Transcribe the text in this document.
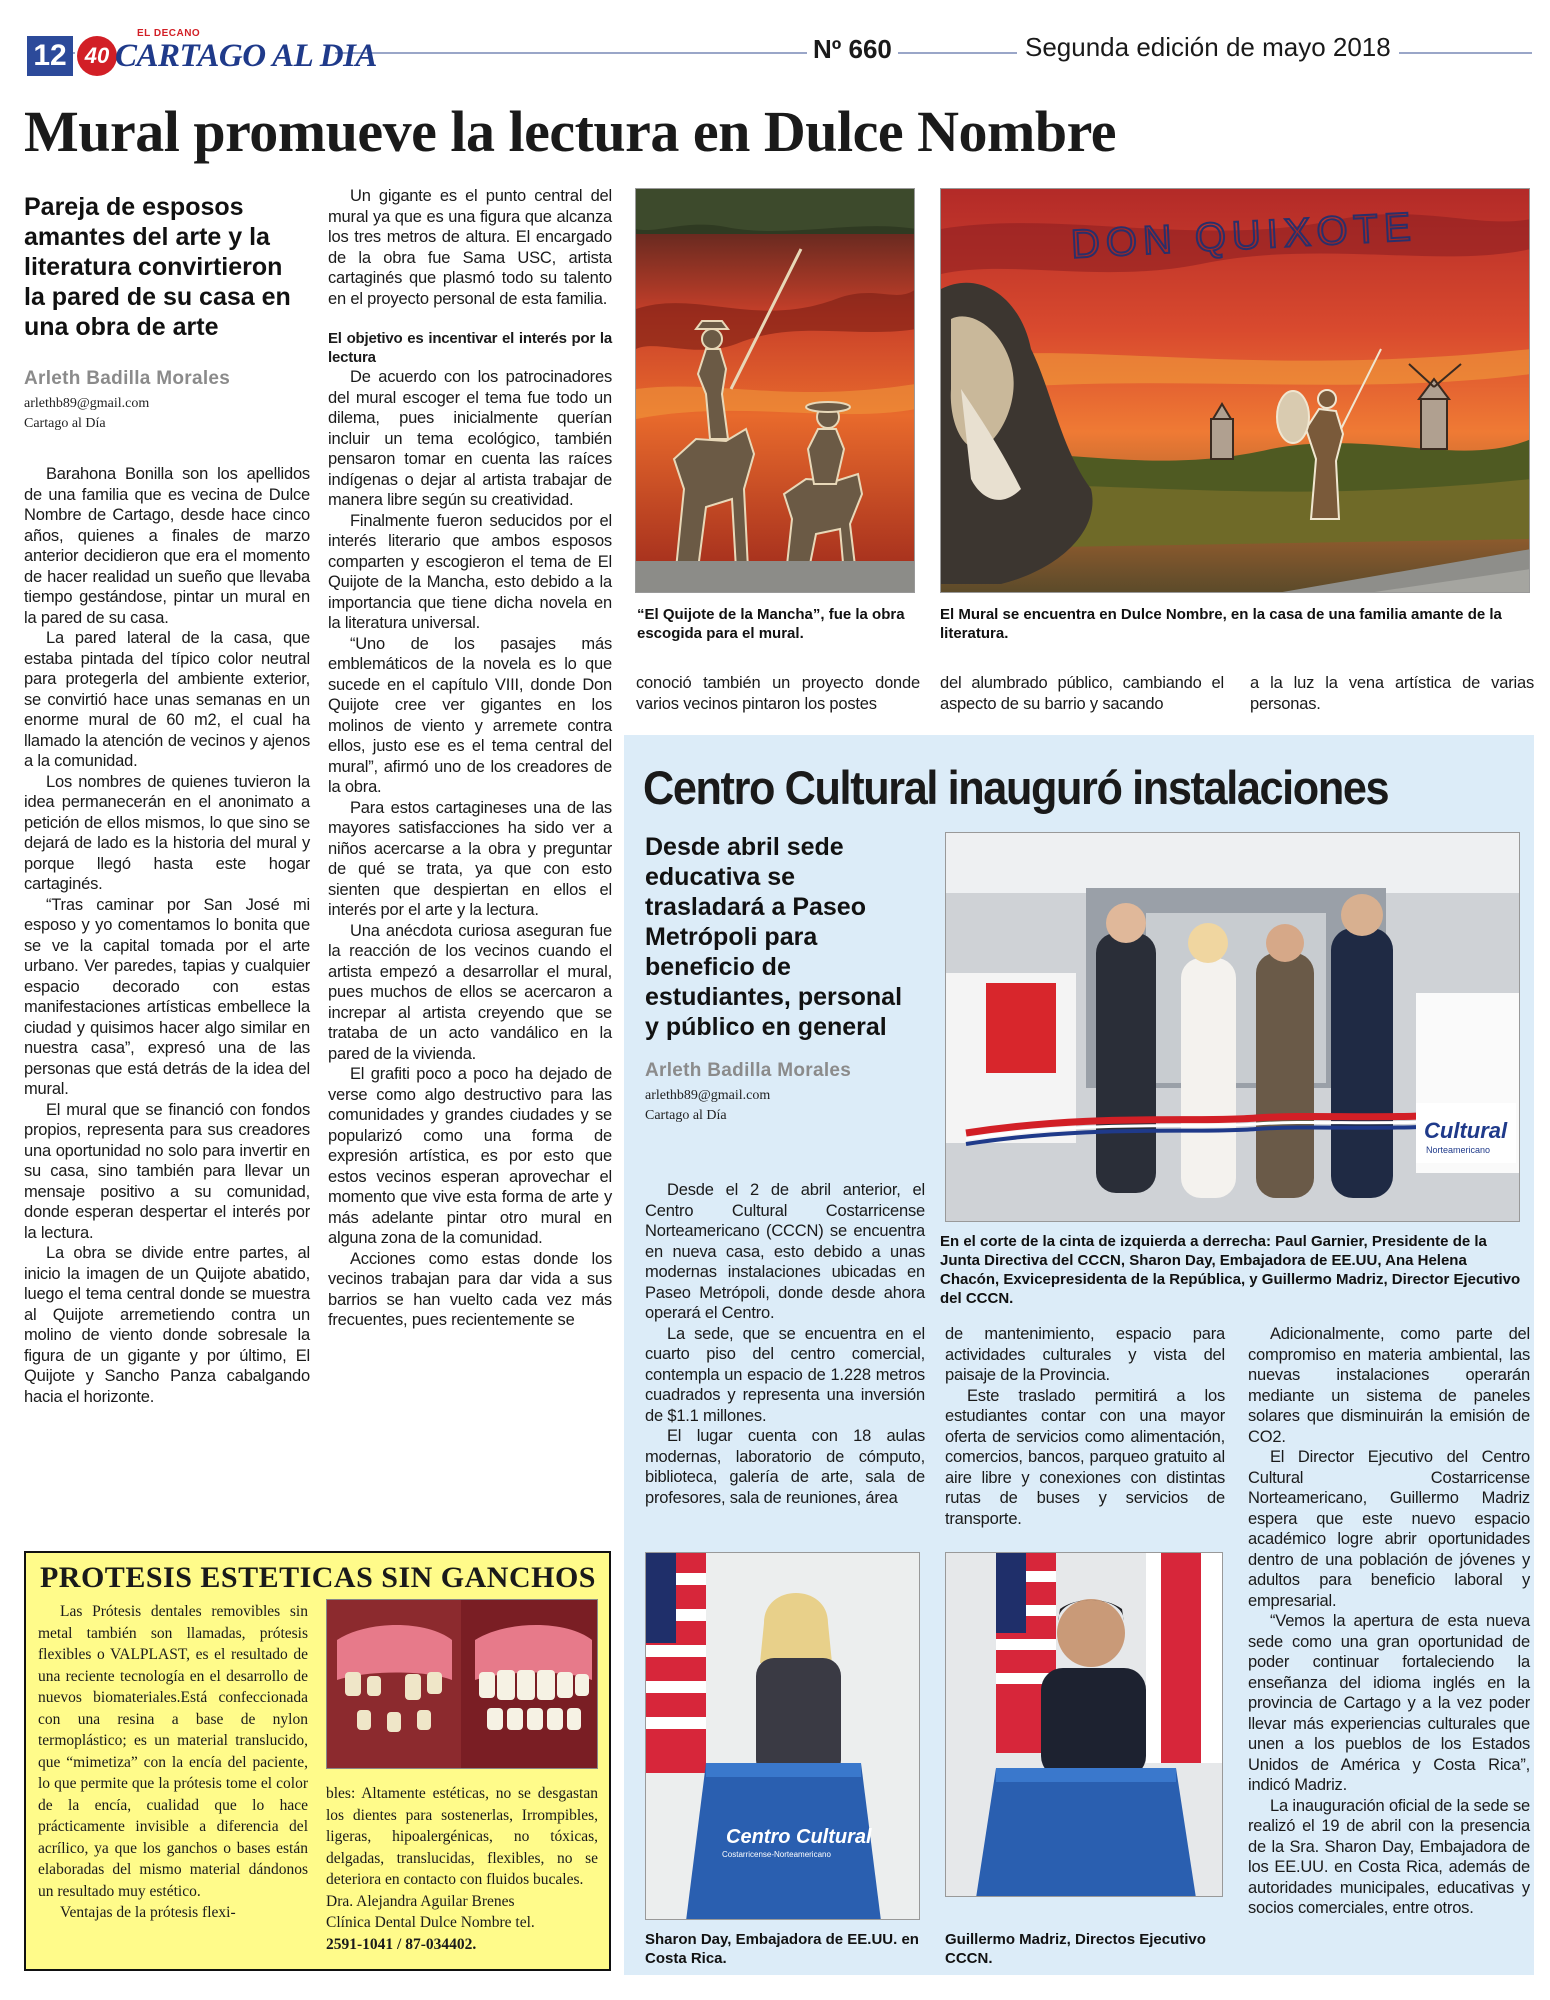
12
EL DECANO
40 CARTAGO AL DIA	Nº 660	Segunda edición de mayo 2018
Mural promueve la lectura en Dulce Nombre
Pareja de esposos amantes del arte y la literatura convirtieron la pared de su casa en una obra de arte
Arleth Badilla Morales
arlethb89@gmail.com
Cartago al Día

Barahona Bonilla son los apellidos de una familia que es vecina de Dulce Nombre de Cartago, desde hace cinco años, quienes a finales de marzo anterior decidieron que era el momento de hacer realidad un sueño que llevaba tiempo gestándose, pintar un mural en la pared de su casa.

La pared lateral de la casa, que estaba pintada del típico color neutral para protegerla del ambiente exterior, se convirtió hace unas semanas en un enorme mural de 60 m2, el cual ha llamado la atención de vecinos y ajenos a la comunidad.

Los nombres de quienes tuvieron la idea permanecerán en el anonimato a petición de ellos mismos, lo que sino se dejará de lado es la historia del mural y porque llegó hasta este hogar cartaginés.

“Tras caminar por San José mi esposo y yo comentamos lo bonita que se ve la capital tomada por el arte urbano. Ver paredes, tapias y cualquier espacio decorado con estas manifestaciones artísticas embellece la ciudad y quisimos hacer algo similar en nuestra casa”, expresó una de las personas que está detrás de la idea del mural.

El mural que se financió con fondos propios, representa para sus creadores una oportunidad no solo para invertir en su casa, sino también para llevar un mensaje positivo a su comunidad, donde esperan despertar el interés por la lectura.

La obra se divide entre partes, al inicio la imagen de un Quijote abatido, luego el tema central donde se muestra al Quijote arremetiendo contra un molino de viento donde sobresale la figura de un gigante y por último, El Quijote y Sancho Panza cabalgando hacia el horizonte.

Un gigante es el punto central del mural ya que es una figura que alcanza los tres metros de altura. El encargado de la obra fue Sama USC, artista cartaginés que plasmó todo su talento en el proyecto personal de esta familia.

El objetivo es incentivar el interés por la lectura

De acuerdo con los patrocinadores del mural escoger el tema fue todo un dilema, pues inicialmente querían incluir un tema ecológico, también pensaron tomar en cuenta las raíces indígenas o dejar al artista trabajar de manera libre según su creatividad.

Finalmente fueron seducidos por el interés literario que ambos esposos comparten y escogieron el tema de El Quijote de la Mancha, esto debido a la importancia que tiene dicha novela en la literatura universal.

“Uno de los pasajes más emblemáticos de la novela es lo que sucede en el capítulo VIII, donde Don Quijote cree ver gigantes en los molinos de viento y arremete contra ellos, justo ese es el tema central del mural”, afirmó uno de los creadores de la obra.

Para estos cartagineses una de las mayores satisfacciones ha sido ver a niños acercarse a la obra y preguntar de qué se trata, ya que con esto sienten que despiertan en ellos el interés por el arte y la lectura.

Una anécdota curiosa aseguran fue la reacción de los vecinos cuando el artista empezó a desarrollar el mural, pues muchos de ellos se acercaron a increpar al artista creyendo que se trataba de un acto vandálico en la pared de la vivienda.

El grafiti poco a poco ha dejado de verse como algo destructivo para las comunidades y grandes ciudades y se popularizó como una forma de expresión artística, es por esto que estos vecinos esperan aprovechar el momento que vive esta forma de arte y más adelante pintar otro mural en alguna zona de la comunidad.

Acciones como estas donde los vecinos trabajan para dar vida a sus barrios se han vuelto cada vez más frecuentes, pues recientemente se

DON QUIXOTE
“El Quijote de la Mancha”, fue la obra escogida para el mural.
El Mural se encuentra en Dulce Nombre, en la casa de una familia amante de la literatura.

conoció también un proyecto donde varios vecinos pintaron los postes

del alumbrado público, cambiando el aspecto de su barrio y sacando

a la luz la vena artística de varias personas.

Centro Cultural inauguró instalaciones
Desde abril sede educativa se trasladará a Paseo Metrópoli para beneficio de estudiantes, personal y público en general
Arleth Badilla Morales
arlethb89@gmail.com
Cartago al Día
Cultural
Norteamericano
En el corte de la cinta de izquierda a derrecha: Paul Garnier, Presidente de la Junta Directiva del CCCN, Sharon Day, Embajadora de EE.UU, Ana Helena Chacón, Exvicepresidenta de la República, y Guillermo Madriz, Director Ejecutivo del CCCN.

Desde el 2 de abril anterior, el Centro Cultural Costarricense Norteamericano (CCCN) se encuentra en nueva casa, esto debido a unas modernas instalaciones ubicadas en Paseo Metrópoli, donde desde ahora operará el Centro.

La sede, que se encuentra en el cuarto piso del centro comercial, contempla un espacio de 1.228 metros cuadrados y representa una inversión de $1.1 millones.

El lugar cuenta con 18 aulas modernas, laboratorio de cómputo, biblioteca, galería de arte, sala de profesores, sala de reuniones, área

de mantenimiento, espacio para actividades culturales y vista del paisaje de la Provincia.

Este traslado permitirá a los estudiantes contar con una mayor oferta de servicios como alimentación, comercios, bancos, parqueo gratuito al aire libre y conexiones con distintas rutas de buses y servicios de transporte.

Adicionalmente, como parte del compromiso en materia ambiental, las nuevas instalaciones operarán mediante un sistema de paneles solares que disminuirán la emisión de CO2.

El Director Ejecutivo del Centro Cultural Costarricense Norteamericano, Guillermo Madriz espera que este nuevo espacio académico logre abrir oportunidades dentro de una población de jóvenes y adultos para beneficio laboral y empresarial.

“Vemos la apertura de esta nueva sede como una gran oportunidad de poder continuar fortaleciendo la enseñanza del idioma inglés en la provincia de Cartago y a la vez poder llevar más experiencias culturales que unen a los pueblos de los Estados Unidos de América y Costa Rica”, indicó Madriz.

La inauguración oficial de la sede se realizó el 19 de abril con la presencia de la Sra. Sharon Day, Embajadora de los EE.UU. en Costa Rica, además de autoridades municipales, educativas y socios comerciales, entre otros.

Centro Cultural
Costarricense-Norteamericano
Sharon Day, Embajadora de EE.UU. en Costa Rica.
Guillermo Madriz, Directos Ejecutivo CCCN.
PROTESIS ESTETICAS SIN GANCHOS

Las Prótesis dentales removibles sin metal también son llamadas, prótesis flexibles o VALPLAST, es el resultado de una reciente tecnología en el desarrollo de nuevos biomateriales.Está confeccionada con una resina a base de nylon termoplástico; es un material translucido, que “mimetiza” con la encía del paciente, lo que permite que la prótesis tome el color de la encía, cualidad que lo hace prácticamente invisible a diferencia del acrílico, ya que los ganchos o bases están elaboradas del mismo material dándonos un resultado muy estético.

Ventajas de la prótesis flexi-

bles: Altamente estéticas, no se desgastan los dientes para sostenerlas, Irrompibles, ligeras, hipoalergénicas, no tóxicas, delgadas, translucidas, flexibles, no se deteriora en contacto con fluidos bucales.

Dra. Alejandra Aguilar Brenes

Clínica Dental Dulce Nombre tel.

2591-1041 / 87-034402.
